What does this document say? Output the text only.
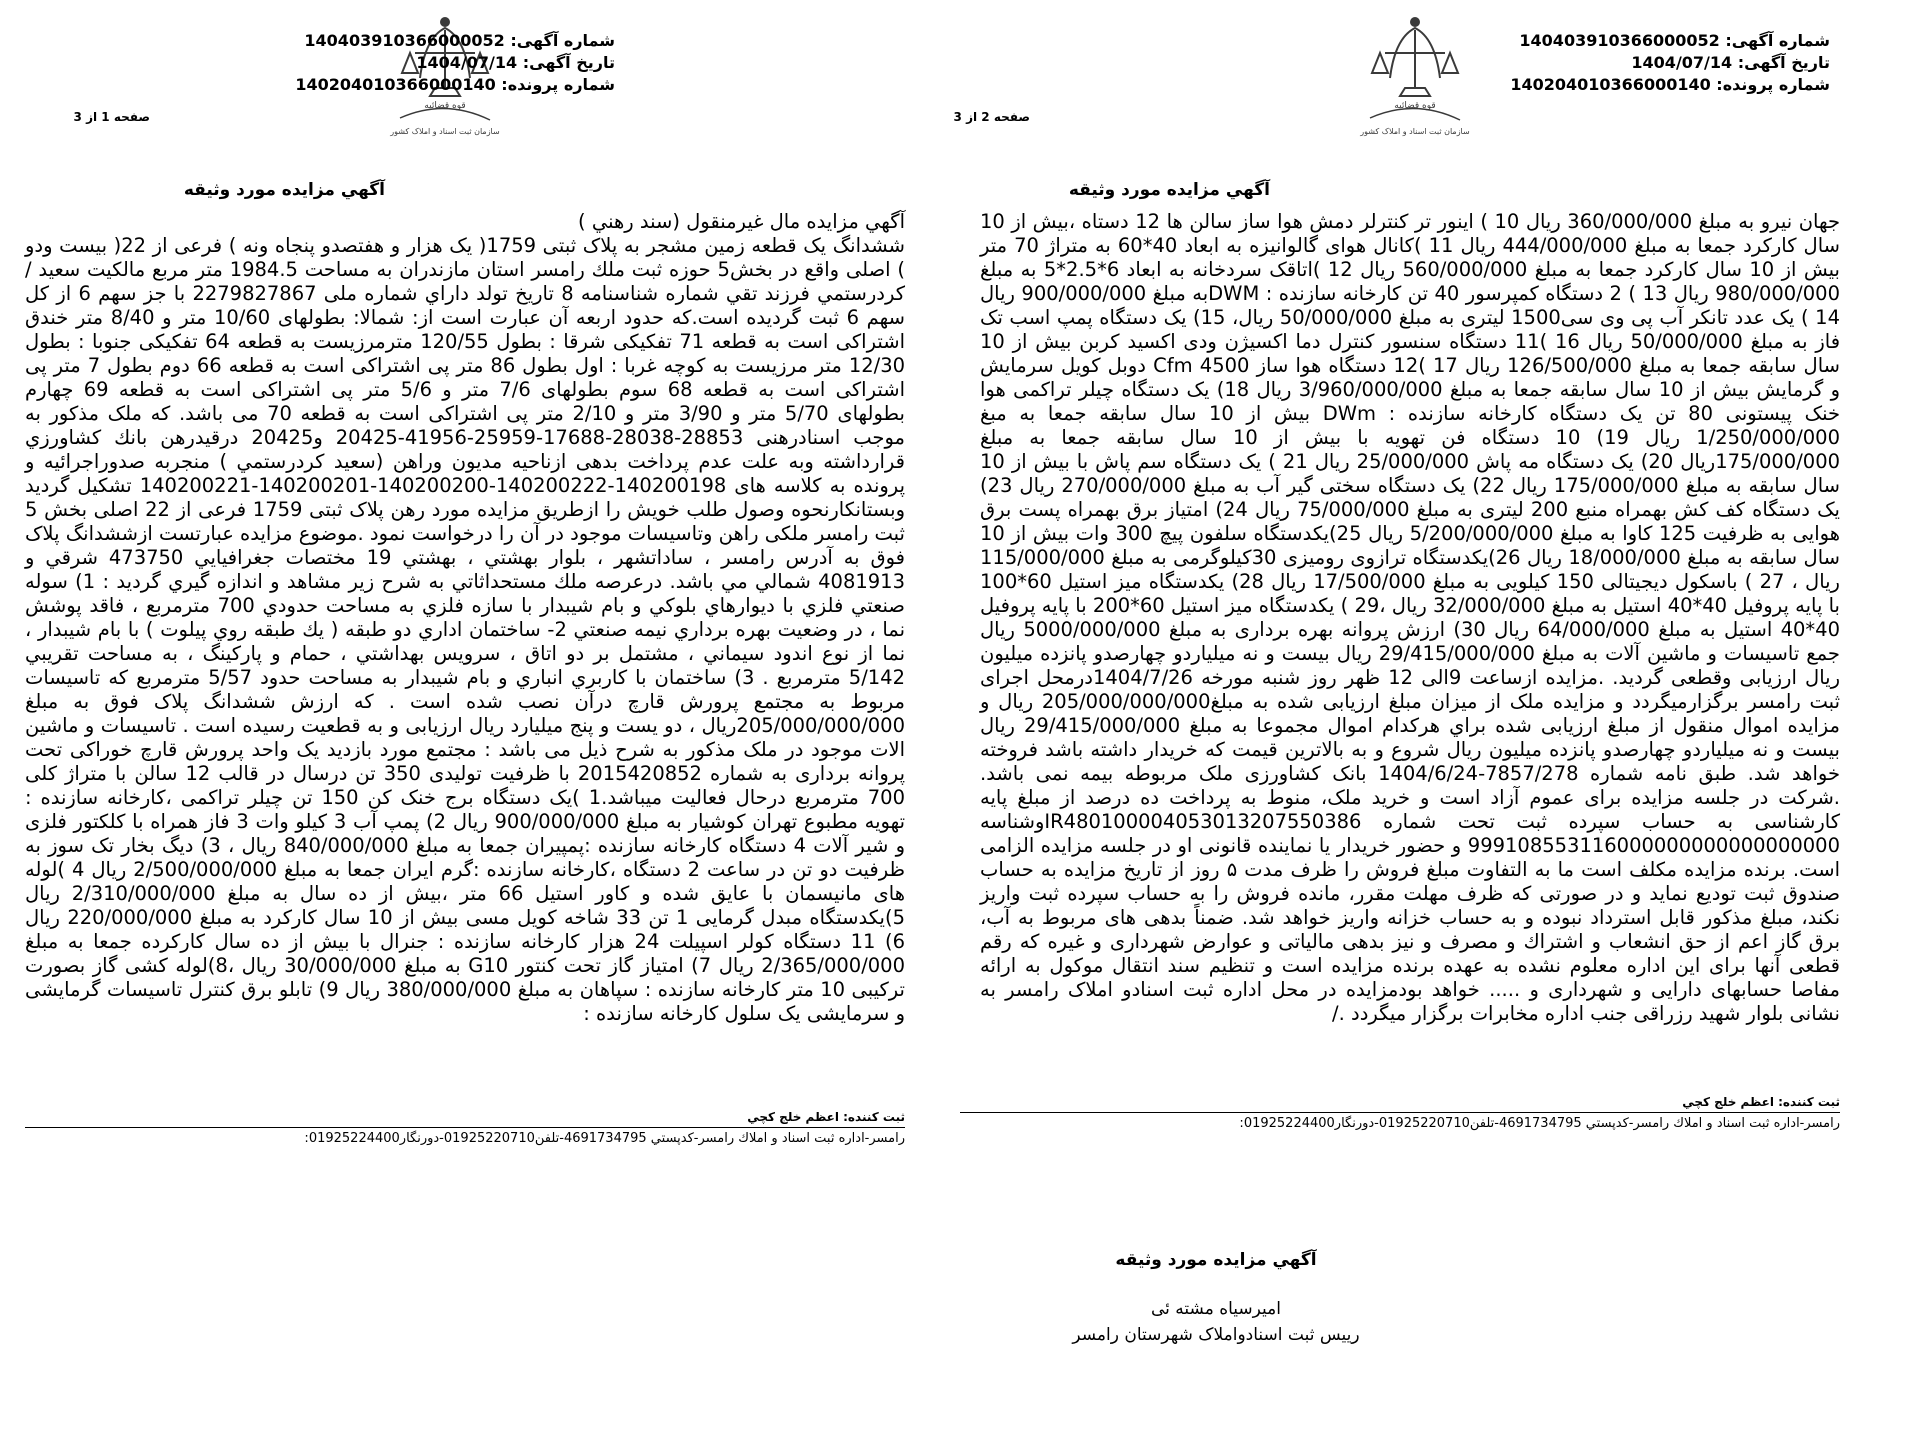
قوه قضائیه
سازمان ثبت اسناد و املاک کشور
شماره آگهی: 140403910366000052
تاریخ آگهی: 1404/07/14
شماره پرونده: 140204010366000140
صفحه 2 از 3
آگهي مزايده مورد وثيقه
جهان نیرو به مبلغ 360/000/000 ریال 10 ) اینور تر کنترلر دمش هوا ساز سالن ها 12 دستاه ،بیش از 10 سال کارکرد جمعا به مبلغ 444/000/000 ریال 11 )کانال هوای گالوانیزه به ابعاد 40*60 به متراژ 70 متر بیش از 10 سال کارکرد جمعا به مبلغ 560/000/000 ریال 12 )اتاقک سردخانه به ابعاد 6*2.5*5 به مبلغ 980/000/000 ریال 13 ) 2 دستگاه کمپرسور 40 تن کارخانه سازنده : DWMبه مبلغ 900/000/000 ریال 14 ) یک عدد تانکر آب پی وی سی1500 لیتری به مبلغ 50/000/000 ریال، 15) یک دستگاه پمپ اسب تک فاز به مبلغ 50/000/000 ریال 16 )11 دستگاه سنسور کنترل دما اکسیژن ودی اکسید کربن بیش از 10 سال سابقه جمعا به مبلغ 126/500/000 ریال 17 )12 دستگاه هوا ساز 4500 Cfm دوبل کویل سرمایش و گرمایش بیش از 10 سال سابقه جمعا به مبلغ 3/960/000/000 ریال 18) یک دستگاه چیلر تراکمی هوا خنک پیستونی 80 تن یک دستگاه کارخانه سازنده : DWm بیش از 10 سال سابقه جمعا به مبغ 1/250/000/000 ریال 19) 10 دستگاه فن تهویه با بیش از 10 سال سابقه جمعا به مبلغ 175/000/000ریال 20) یک دستگاه مه پاش 25/000/000 ریال 21 ) یک دستگاه سم پاش با بیش از 10 سال سابقه به مبلغ 175/000/000 ریال 22) یک دستگاه سختی گیر آب به مبلغ 270/000/000 ریال 23) یک دستگاه کف کش بهمراه منبع 200 لیتری به مبلغ 75/000/000 ریال 24) امتیاز برق بهمراه پست برق هوایی به ظرفیت 125 کاوا به مبلغ 5/200/000/000 ریال 25)یکدستگاه سلفون پیچ 300 وات بیش از 10 سال سابقه به مبلغ 18/000/000 ریال 26)یکدستگاه ترازوی رومیزی 30کیلوگرمی به مبلغ 115/000/000 ریال ، 27 ) باسکول دیجیتالی 150 کیلویی به مبلغ 17/500/000 ریال 28) یکدستگاه میز استیل 60*100 با پایه پروفیل 40*40 استیل به مبلغ 32/000/000 ریال ،29 ) یکدستگاه میز استیل 60*200 با پایه پروفیل 40*40 استیل به مبلغ 64/000/000 ریال 30) ارزش پروانه بهره برداری به مبلغ 5000/000/000 ریال جمع تاسیسات و ماشین آلات به مبلغ 29/415/000/000 ریال بیست و نه میلیاردو چهارصدو پانزده میلیون ریال ارزیابی وقطعی گردید. .مزایده ازساعت 9الی 12 ظهر روز شنبه مورخه 1404/7/26درمحل اجرای ثبت رامسر برگزارمیگردد و مزایده ملک از میزان مبلغ ارزیابی شده به مبلغ205/000/000/000 ریال و مزایده اموال منقول از مبلغ ارزیابی شده براي هركدام اموال مجموعا به مبلغ 29/415/000/000 ریال بیست و نه میلیاردو چهارصدو پانزده میلیون ریال شروع و به بالاترین قیمت که خریدار داشته باشد فروخته خواهد شد. طبق نامه شماره 7857/278-1404/6/24 بانک کشاورزی ملک مربوطه بیمه نمی باشد. .شرکت در جلسه مزایده برای عموم آزاد است و خرید ملک، منوط به پرداخت ده درصد از مبلغ پایه کارشناسی به حساب سپرده ثبت تحت شماره IR480100004053013207550386وشناسه 999108553116000000000000000000 و حضور خریدار یا نماینده قانونی او در جلسه مزایده الزامی است. برنده مزایده مکلف است ما به التفاوت مبلغ فروش را ظرف مدت ۵ روز از تاریخ مزایده به حساب صندوق ثبت تودیع نماید و در صورتی که ظرف مهلت مقرر، مانده فروش را به حساب سپرده ثبت واریز نکند، مبلغ مذکور قابل استرداد نبوده و به حساب خزانه واریز خواهد شد. ضمناً بدهی های مربوط به آب، برق گاز اعم از حق انشعاب و اشتراك و مصرف و نیز بدهی مالیاتی و عوارض شهرداری و غیره که رقم قطعی آنها برای این اداره معلوم نشده به عهده برنده مزایده است و تنظیم سند انتقال موکول به ارائه مفاصا حسابهای دارایی و شهرداری و ..... خواهد بودمزایده در محل اداره ثبت اسنادو املاک رامسر به نشانی بلوار شهید رزراقی جنب اداره مخابرات برگزار میگردد ./
ثبت کننده: اعظم خلج کچي
رامسر-اداره ثبت اسناد و املاك رامسر-کدپستي 4691734795-تلفن01925220710-دورنگار01925224400:
قوه قضائیه
سازمان ثبت اسناد و املاک کشور
شماره آگهی: 140403910366000052
تاریخ آگهی: 1404/07/14
شماره پرونده: 140204010366000140
صفحه 1 از 3
آگهي مزايده مورد وثيقه
آگهي مزايده مال غيرمنقول (سند رهني )
ششدانگ یک قطعه زمین مشجر به پلاک ثبتی 1759( یک هزار و هفتصدو پنجاه ونه ) فرعی از 22( بیست ودو ) اصلی واقع در بخش5 حوزه ثبت ملك رامسر استان مازندران به مساحت 1984.5 متر مربع مالكيت سعيد / كردرستمي فرزند تقي شماره شناسنامه 8 تاريخ تولد داراي شماره ملی 2279827867 با جز سهم 6 از كل سهم 6 ثبت گرديده است.که حدود اربعه آن عبارت است از: شمالا: بطولهای 10/60 متر و 8/40 متر خندق اشتراکی است به قطعه 71 تفکیکی شرقا : بطول 120/55 مترمرزیست به قطعه 64 تفکیکی جنوبا : بطول 12/30 متر مرزیست به کوچه غربا : اول بطول 86 متر پی اشتراکی است به قطعه 66 دوم بطول 7 متر پی اشتراکی است به قطعه 68 سوم بطولهای 7/6 متر و 5/6 متر پی اشتراکی است به قطعه 69 چهارم بطولهای 5/70 متر و 3/90 متر و 2/10 متر پی اشتراکی است به قطعه 70 می باشد. که ملک مذکور به موجب اسنادرهنی 28853-28038-17688-25959-41956-20425 و20425 درقیدرهن بانك كشاورزي قرارداشته وبه علت عدم پرداخت بدهی ازناحیه مدیون وراهن (سعید كردرستمي ) منجربه صدوراجرائيه و پرونده به كلاسه های 140200198-140200222-140200200-140200201-140200221 تشکیل گرديد وبستانکارنحوه وصول طلب خويش را ازطريق مزايده مورد رهن پلاک ثبتی 1759 فرعی از 22 اصلی بخش 5 ثبت رامسر ملکی راهن وتاسیسات موجود در آن را درخواست نمود .موضوع مزایده عبارتست ازششدانگ پلاک فوق به آدرس رامسر ، ساداتشهر ، بلوار بهشتي ، بهشتي 19 مختصات جغرافيايي 473750 شرقي و 4081913 شمالي مي باشد. درعرصه ملك مستحداثاتي به شرح زير مشاهد و اندازه گيري گرديد : 1) سوله صنعتي فلزي با ديوارهاي بلوكي و بام شيبدار با سازه فلزي به مساحت حدودي 700 مترمربع ، فاقد پوشش نما ، در وضعيت بهره برداري نيمه صنعتي 2- ساختمان اداري دو طبقه ( يك طبقه روي پيلوت ) با بام شيبدار ، نما از نوع اندود سيماني ، مشتمل بر دو اتاق ، سرويس بهداشتي ، حمام و پاركينگ ، به مساحت تقريبي 5/142 مترمربع . 3) ساختمان با كاربري انباري و بام شيبدار به مساحت حدود 5/57 مترمربع كه تاسيسات مربوط به مجتمع پرورش قارچ درآن نصب شده است . كه ارزش ششدانگ پلاک فوق به مبلغ 205/000/000/000ریال ، دو یست و پنج میلیارد ریال ارزیابی و به قطعیت رسیده است . تاسیسات و ماشین الات موجود در ملک مذکور به شرح ذیل می باشد : مجتمع مورد بازدید یک واحد پرورش قارچ خوراکی تحت پروانه برداری به شماره 2015420852 با ظرفیت تولیدی 350 تن درسال در قالب 12 سالن با متراژ کلی 700 مترمربع درحال فعالیت میباشد.1 )یک دستگاه برج خنک کن 150 تن چیلر تراکمی ،کارخانه سازنده : تهویه مطبوع تهران کوشیار به مبلغ 900/000/000 ریال 2) پمپ آب 3 کیلو وات 3 فاز همراه با کلکتور فلزی و شیر آلات 4 دستگاه کارخانه سازنده :پمپیران جمعا به مبلغ 840/000/000 ریال ، 3) دیگ بخار تک سوز به ظرفیت دو تن در ساعت 2 دستگاه ،کارخانه سازنده :گرم ایران جمعا به مبلغ 2/500/000/000 ریال 4 )لوله های مانیسمان با عایق شده و کاور استیل 66 متر ،بیش از ده سال به مبلغ 2/310/000/000 ریال 5)یکدستگاه مبدل گرمایی 1 تن 33 شاخه کویل مسی بیش از 10 سال کارکرد به مبلغ 220/000/000 ریال 6) 11 دستگاه کولر اسپیلت 24 هزار کارخانه سازنده : جنرال با بیش از ده سال کارکرده جمعا به مبلغ 2/365/000/000 ریال 7) امتیاز گاز تحت کنتور G10 به مبلغ 30/000/000 ریال ،8)لوله کشی گاز بصورت ترکیبی 10 متر کارخانه سازنده : سپاهان به مبلغ 380/000/000 ریال 9) تابلو برق کنترل تاسیسات گرمایشی و سرمایشی یک سلول کارخانه سازنده :
ثبت کننده: اعظم خلج کچي
رامسر-اداره ثبت اسناد و املاك رامسر-کدپستي 4691734795-تلفن01925220710-دورنگار01925224400:
آگهي مزايده مورد وثيقه
امیرسیاه مشته ئی
رييس ثبت اسنادواملاک شهرستان رامسر
